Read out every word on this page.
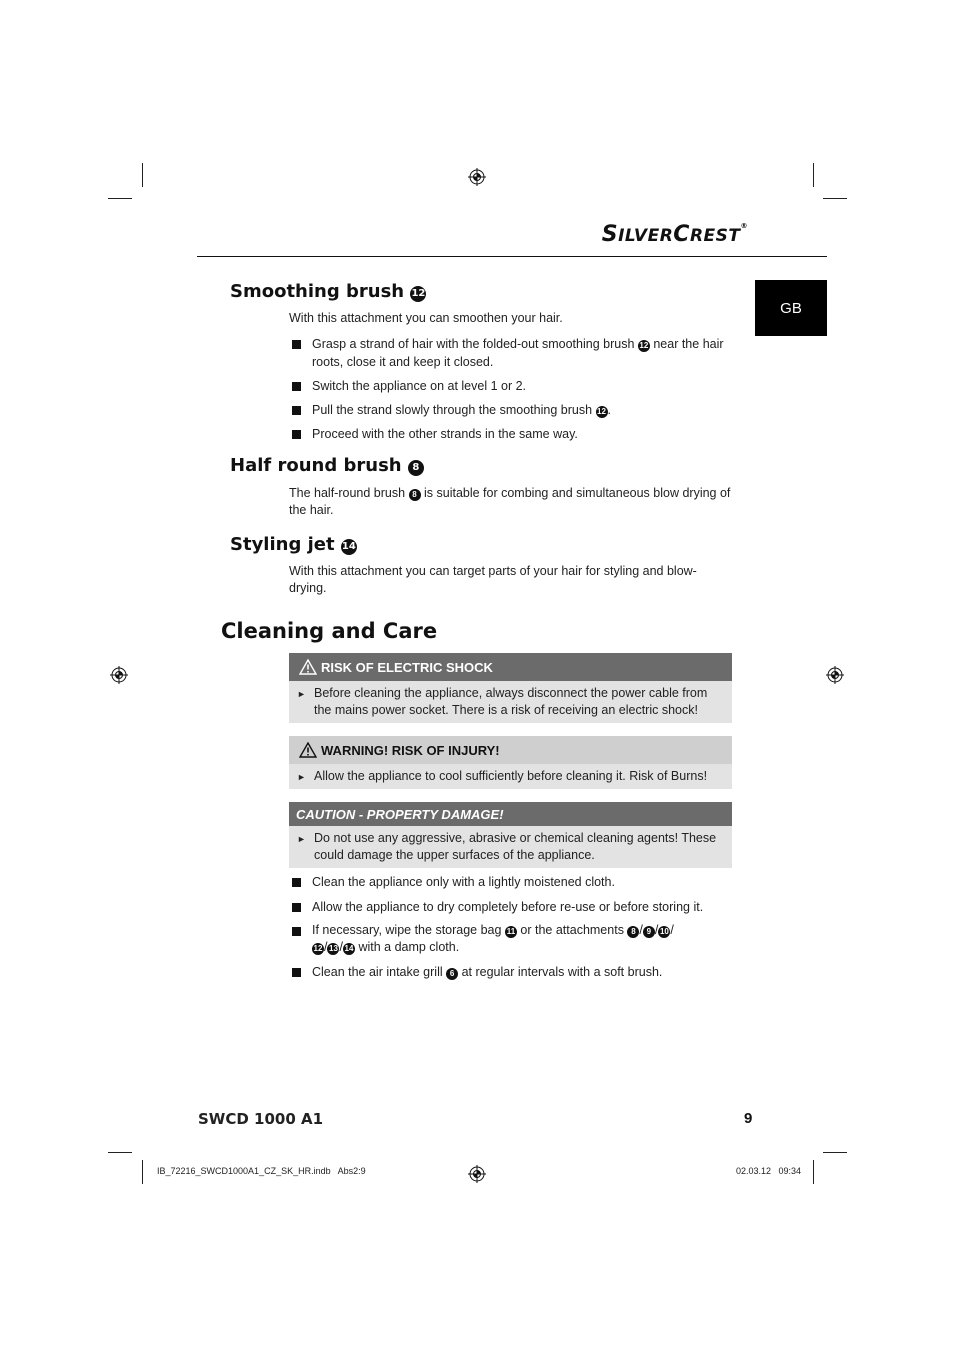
SILVERCREST®
GB
Smoothing brush 12
With this attachment you can smoothen your hair.
Grasp a strand of hair with the folded-out smoothing brush 12 near the hair roots, close it and keep it closed.
Switch the appliance on at level 1 or 2.
Pull the strand slowly through the smoothing brush 12 .
Proceed with the other strands in the same way.
Half round brush 8
The half-round brush 8 is suitable for combing and simultaneous blow drying of the hair.
Styling jet 14
With this attachment you can target parts of your hair for styling and blow-drying.
Cleaning and Care
RISK OF ELECTRIC SHOCK
► Before cleaning the appliance, always disconnect the power cable from the mains power socket. There is a risk of receiving an electric shock!
WARNING! RISK OF INJURY!
► Allow the appliance to cool sufficiently before cleaning it. Risk of Burns!
CAUTION - PROPERTY DAMAGE!
► Do not use any aggressive, abrasive or chemical cleaning agents! These could damage the upper surfaces of the appliance.
Clean the appliance only with a lightly moistened cloth.
Allow the appliance to dry completely before re-use or before storing it.
If necessary, wipe the storage bag 11 or the attachments 8 / 9 / 10 /
12 / 13 / 14 with a damp cloth.
Clean the air intake grill 6 at regular intervals with a soft brush.
SWCD 1000 A1	9
IB_72216_SWCD1000A1_CZ_SK_HR.indb   Abs2:9	02.03.12   09:34
